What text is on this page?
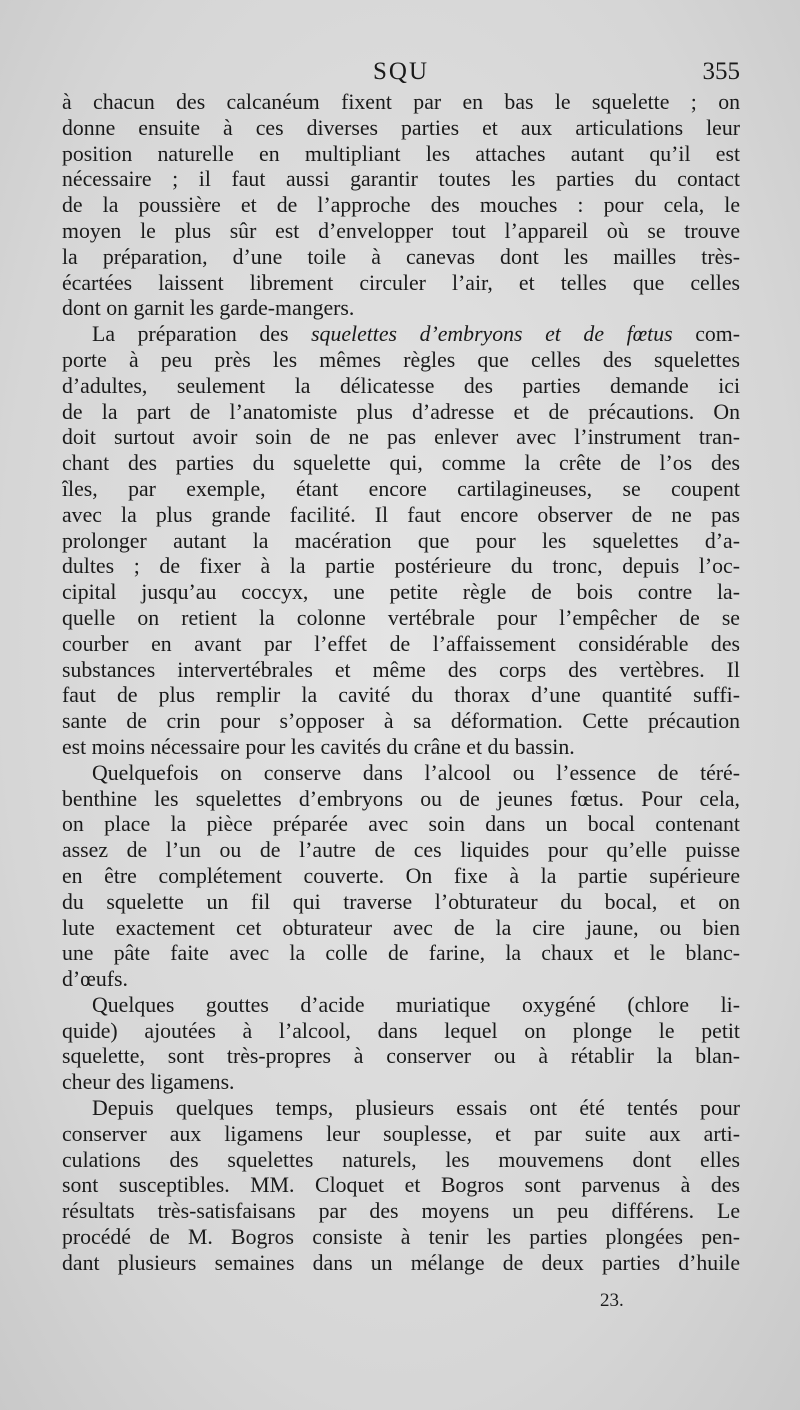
SQU	355
à chacun des calcanéum fixent par en bas le squelette ; on
donne ensuite à ces diverses parties et aux articulations leur
position naturelle en multipliant les attaches autant qu’il est
nécessaire ; il faut aussi garantir toutes les parties du contact
de la poussière et de l’approche des mouches : pour cela, le
moyen le plus sûr est d’envelopper tout l’appareil où se trouve
la préparation, d’une toile à canevas dont les mailles très-
écartées laissent librement circuler l’air, et telles que celles
dont on garnit les garde-mangers.
La préparation des squelettes d’embryons et de fœtus com-
porte à peu près les mêmes règles que celles des squelettes
d’adultes, seulement la délicatesse des parties demande ici
de la part de l’anatomiste plus d’adresse et de précautions. On
doit surtout avoir soin de ne pas enlever avec l’instrument tran-
chant des parties du squelette qui, comme la crête de l’os des
îles, par exemple, étant encore cartilagineuses, se coupent
avec la plus grande facilité. Il faut encore observer de ne pas
prolonger autant la macération que pour les squelettes d’a-
dultes ; de fixer à la partie postérieure du tronc, depuis l’oc-
cipital jusqu’au coccyx, une petite règle de bois contre la-
quelle on retient la colonne vertébrale pour l’empêcher de se
courber en avant par l’effet de l’affaissement considérable des
substances intervertébrales et même des corps des vertèbres. Il
faut de plus remplir la cavité du thorax d’une quantité suffi-
sante de crin pour s’opposer à sa déformation. Cette précaution
est moins nécessaire pour les cavités du crâne et du bassin.
Quelquefois on conserve dans l’alcool ou l’essence de téré-
benthine les squelettes d’embryons ou de jeunes fœtus. Pour cela,
on place la pièce préparée avec soin dans un bocal contenant
assez de l’un ou de l’autre de ces liquides pour qu’elle puisse
en être complétement couverte. On fixe à la partie supérieure
du squelette un fil qui traverse l’obturateur du bocal, et on
lute exactement cet obturateur avec de la cire jaune, ou bien
une pâte faite avec la colle de farine, la chaux et le blanc-
d’œufs.
Quelques gouttes d’acide muriatique oxygéné (chlore li-
quide) ajoutées à l’alcool, dans lequel on plonge le petit
squelette, sont très-propres à conserver ou à rétablir la blan-
cheur des ligamens.
Depuis quelques temps, plusieurs essais ont été tentés pour
conserver aux ligamens leur souplesse, et par suite aux arti-
culations des squelettes naturels, les mouvemens dont elles
sont susceptibles. MM. Cloquet et Bogros sont parvenus à des
résultats très-satisfaisans par des moyens un peu différens. Le
procédé de M. Bogros consiste à tenir les parties plongées pen-
dant plusieurs semaines dans un mélange de deux parties d’huile
23.
